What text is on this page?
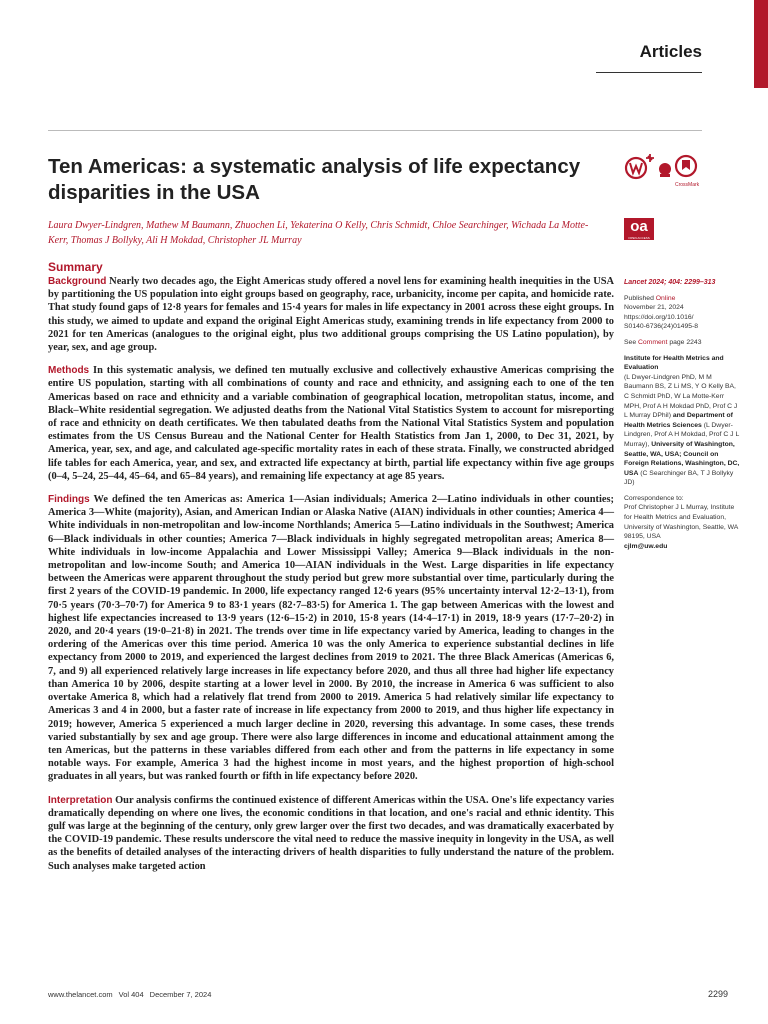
Articles
Ten Americas: a systematic analysis of life expectancy disparities in the USA

Laura Dwyer-Lindgren, Mathew M Baumann, Zhuochen Li, Yekaterina O Kelly, Chris Schmidt, Chloe Searchinger, Wichada La Motte-Kerr, Thomas J Bollyky, Ali H Mokdad, Christopher JL Murray

CrossMark
oa
OPEN ACCESS
Summary

Background Nearly two decades ago, the Eight Americas study offered a novel lens for examining health inequities in the USA by partitioning the US population into eight groups based on geography, race, urbanicity, income per capita, and homicide rate. That study found gaps of 12·8 years for females and 15·4 years for males in life expectancy in 2001 across these eight groups. In this study, we aimed to update and expand the original Eight Americas study, examining trends in life expectancy from 2000 to 2021 for ten Americas (analogues to the original eight, plus two additional groups comprising the US Latino population), by year, sex, and age group.

Methods In this systematic analysis, we defined ten mutually exclusive and collectively exhaustive Americas comprising the entire US population, starting with all combinations of county and race and ethnicity, and assigning each to one of the ten Americas based on race and ethnicity and a variable combination of geographical location, metropolitan status, income, and Black–White residential segregation. We adjusted deaths from the National Vital Statistics System to account for misreporting of race and ethnicity on death certificates. We then tabulated deaths from the National Vital Statistics System and population estimates from the US Census Bureau and the National Center for Health Statistics from Jan 1, 2000, to Dec 31, 2021, by America, year, sex, and age, and calculated age-specific mortality rates in each of these strata. Finally, we constructed abridged life tables for each America, year, and sex, and extracted life expectancy at birth, partial life expectancy within five age groups (0–4, 5–24, 25–44, 45–64, and 65–84 years), and remaining life expectancy at age 85 years.

Findings We defined the ten Americas as: America 1—Asian individuals; America 2—Latino individuals in other counties; America 3—White (majority), Asian, and American Indian or Alaska Native (AIAN) individuals in other counties; America 4—White individuals in non-metropolitan and low-income Northlands; America 5—Latino individuals in the Southwest; America 6—Black individuals in other counties; America 7—Black individuals in highly segregated metropolitan areas; America 8—White individuals in low-income Appalachia and Lower Mississippi Valley; America 9—Black individuals in the non-metropolitan and low-income South; and America 10—AIAN individuals in the West. Large disparities in life expectancy between the Americas were apparent throughout the study period but grew more substantial over time, particularly during the first 2 years of the COVID-19 pandemic. In 2000, life expectancy ranged 12·6 years (95% uncertainty interval 12·2–13·1), from 70·5 years (70·3–70·7) for America 9 to 83·1 years (82·7–83·5) for America 1. The gap between Americas with the lowest and highest life expectancies increased to 13·9 years (12·6–15·2) in 2010, 15·8 years (14·4–17·1) in 2019, 18·9 years (17·7–20·2) in 2020, and 20·4 years (19·0–21·8) in 2021. The trends over time in life expectancy varied by America, leading to changes in the ordering of the Americas over this time period. America 10 was the only America to experience substantial declines in life expectancy from 2000 to 2019, and experienced the largest declines from 2019 to 2021. The three Black Americas (Americas 6, 7, and 9) all experienced relatively large increases in life expectancy before 2020, and thus all three had higher life expectancy than America 10 by 2006, despite starting at a lower level in 2000. By 2010, the increase in America 6 was sufficient to also overtake America 8, which had a relatively flat trend from 2000 to 2019. America 5 had relatively similar life expectancy to Americas 3 and 4 in 2000, but a faster rate of increase in life expectancy from 2000 to 2019, and thus higher life expectancy in 2019; however, America 5 experienced a much larger decline in 2020, reversing this advantage. In some cases, these trends varied substantially by sex and age group. There were also large differences in income and educational attainment among the ten Americas, but the patterns in these variables differed from each other and from the patterns in life expectancy in some notable ways. For example, America 3 had the highest income in most years, and the highest proportion of high-school graduates in all years, but was ranked fourth or fifth in life expectancy before 2020.

Interpretation Our analysis confirms the continued existence of different Americas within the USA. One's life expectancy varies dramatically depending on where one lives, the economic conditions in that location, and one's racial and ethnic identity. This gulf was large at the beginning of the century, only grew larger over the first two decades, and was dramatically exacerbated by the COVID-19 pandemic. These results underscore the vital need to reduce the massive inequity in longevity in the USA, as well as the benefits of detailed analyses of the interacting drivers of health disparities to fully understand the nature of the problem. Such analyses make targeted action

Lancet 2024; 404: 2299–313

Published Online
November 21, 2024
https://doi.org/10.1016/
S0140-6736(24)01495-8

See Comment page 2243

Institute for Health Metrics and Evaluation
(L Dwyer-Lindgren PhD, M M Baumann BS, Z Li MS, Y O Kelly BA, C Schmidt PhD, W La Motte-Kerr MPH, Prof A H Mokdad PhD, Prof C J L Murray DPhil) and Department of Health Metrics Sciences (L Dwyer-Lindgren, Prof A H Mokdad, Prof C J L Murray), University of Washington, Seattle, WA, USA; Council on Foreign Relations, Washington, DC, USA (C Searchinger BA, T J Bollyky JD)

Correspondence to:
Prof Christopher J L Murray, Institute for Health Metrics and Evaluation, University of Washington, Seattle, WA 98195, USA
cjlm@uw.edu

www.thelancet.com Vol 404 December 7, 2024	2299
